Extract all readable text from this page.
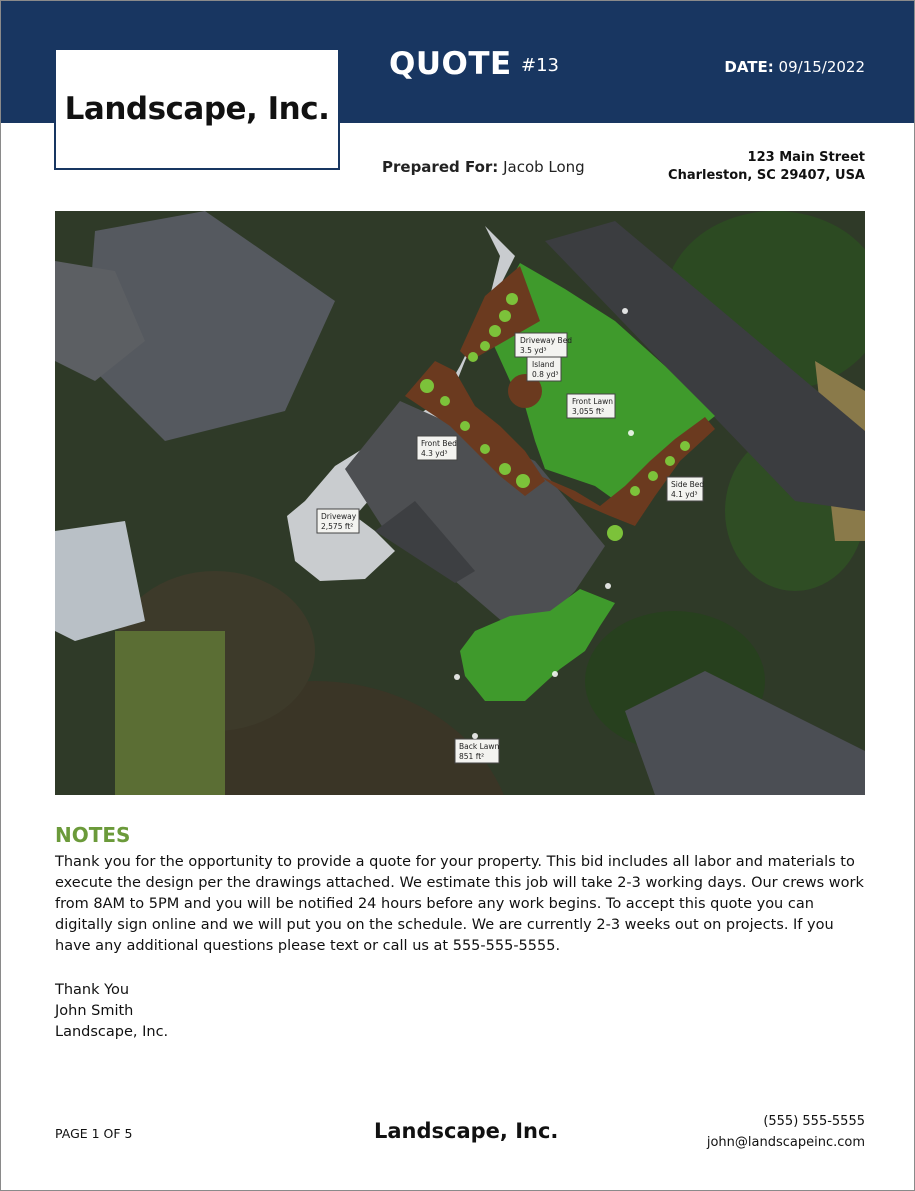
Landscape, Inc.
QUOTE #13	DATE: 09/15/2022
Prepared For: Jacob Long
123 Main Street
Charleston, SC 29407, USA
Driveway Bed
3.5 yd³
Island
0.8 yd³
Front Lawn
3,055 ft²
Front Bed
4.3 yd³
Side Bed
4.1 yd³
Driveway
2,575 ft²
Back Lawn
851 ft²
NOTES
Thank you for the opportunity to provide a quote for your property. This bid includes all labor and materials to execute the design per the drawings attached. We estimate this job will take 2-3 working days. Our crews work from 8AM to 5PM and you will be notified 24 hours before any work begins. To accept this quote you can digitally sign online and we will put you on the schedule. We are currently 2-3 weeks out on projects. If you have any additional questions please text or call us at 555-555-5555.
Thank You
John Smith
Landscape, Inc.
PAGE 1 OF 5	Landscape, Inc.	(555) 555-5555
john@landscapeinc.com
